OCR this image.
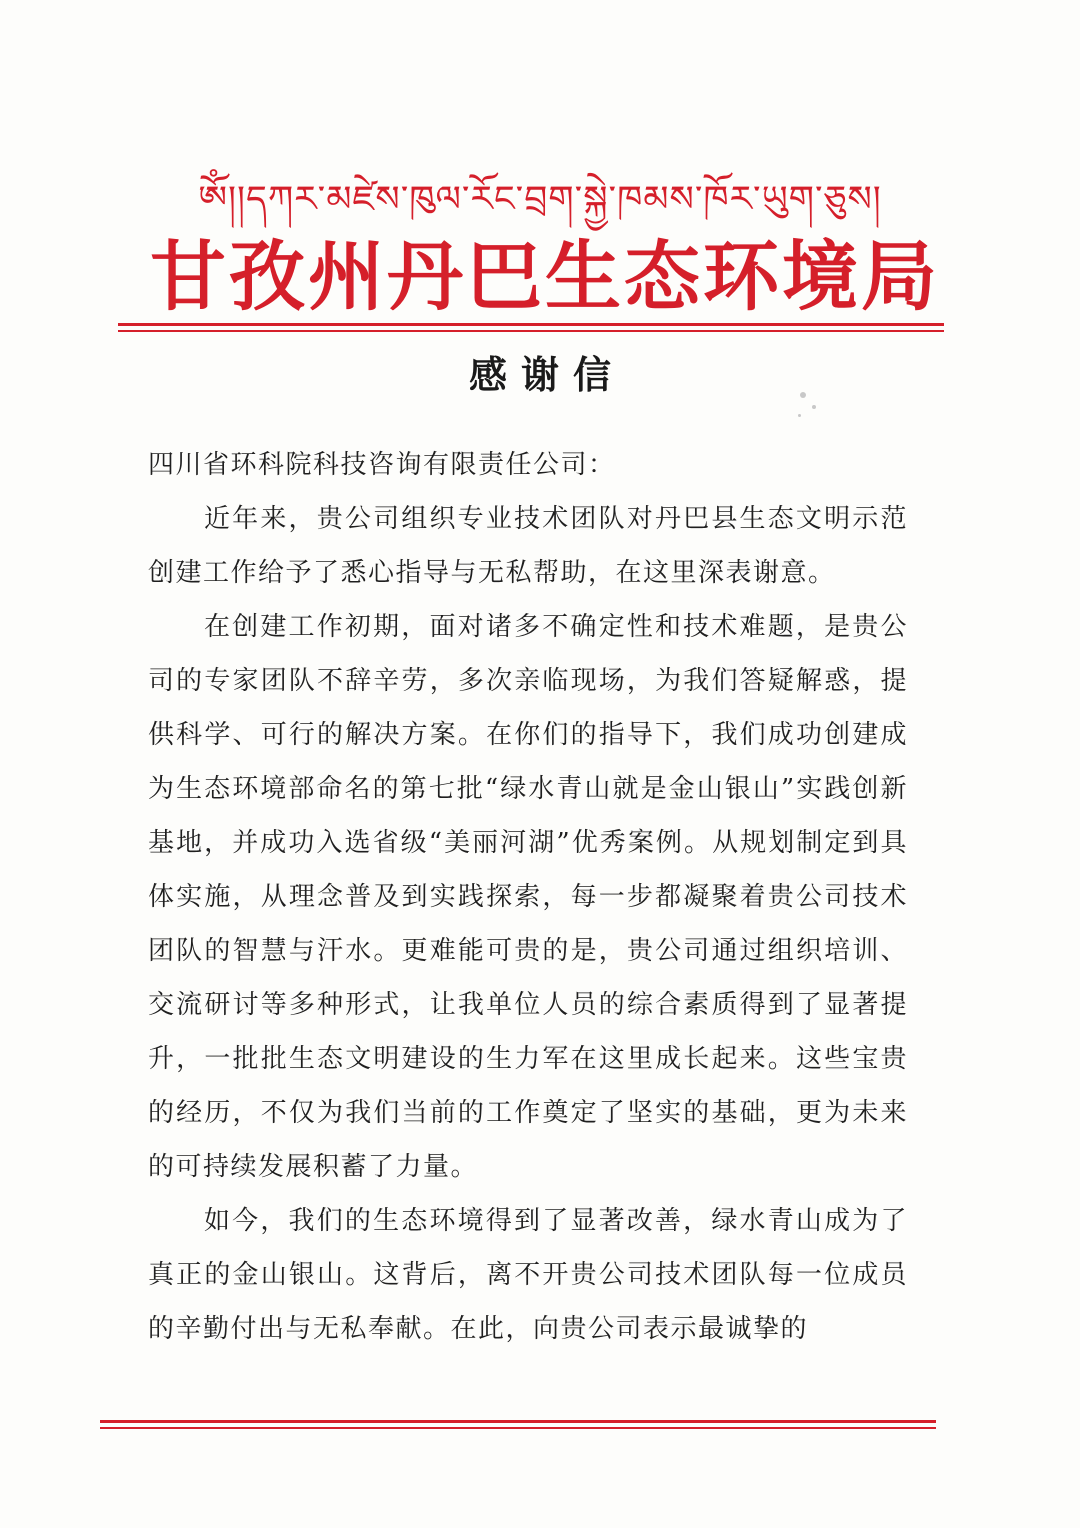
ཨོཾ།།དཀར་མཛེས་ཁུལ་རོང་བྲག་སྐྱེ་ཁམས་ཁོར་ཡུག་ཅུས།
甘孜州丹巴生态环境局
感谢信

四川省环科院科技咨询有限责任公司：

近年来，贵公司组织专业技术团队对丹巴县生态文明示范创建工作给予了悉心指导与无私帮助，在这里深表谢意。

在创建工作初期，面对诸多不确定性和技术难题，是贵公司的专家团队不辞辛劳，多次亲临现场，为我们答疑解惑，提供科学、可行的解决方案。在你们的指导下，我们成功创建成为生态环境部命名的第七批“绿水青山就是金山银山”实践创新基地，并成功入选省级“美丽河湖”优秀案例。从规划制定到具体实施，从理念普及到实践探索，每一步都凝聚着贵公司技术团队的智慧与汗水。更难能可贵的是，贵公司通过组织培训、交流研讨等多种形式，让我单位人员的综合素质得到了显著提升，一批批生态文明建设的生力军在这里成长起来。这些宝贵的经历，不仅为我们当前的工作奠定了坚实的基础，更为未来的可持续发展积蓄了力量。

如今，我们的生态环境得到了显著改善，绿水青山成为了真正的金山银山。这背后，离不开贵公司技术团队每一位成员的辛勤付出与无私奉献。在此，向贵公司表示最诚挚的
